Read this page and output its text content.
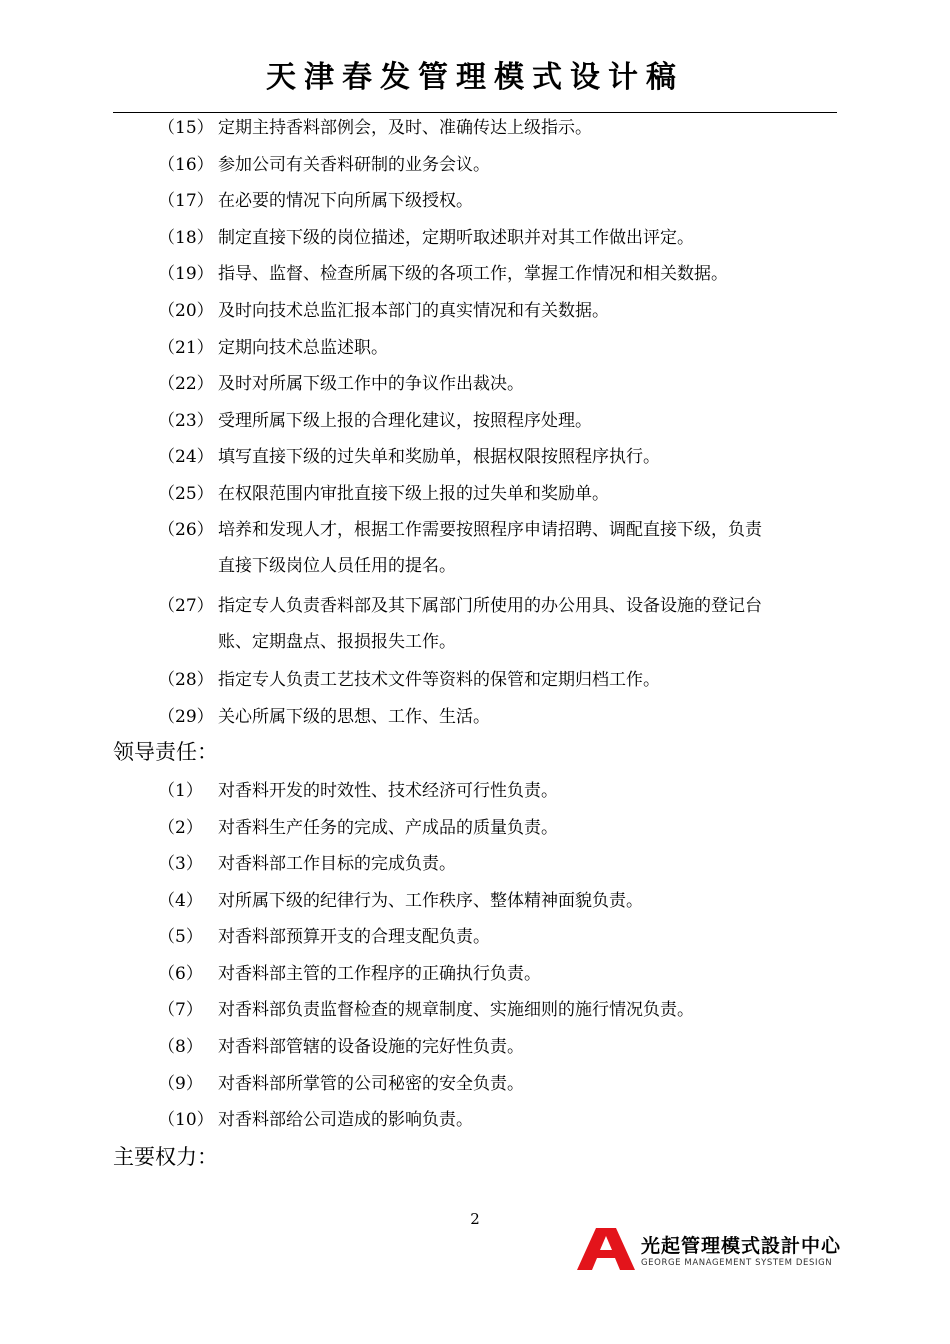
天津春发管理模式设计稿
（15） 定期主持香料部例会，及时、准确传达上级指示。
（16） 参加公司有关香料研制的业务会议。
（17） 在必要的情况下向所属下级授权。
（18） 制定直接下级的岗位描述，定期听取述职并对其工作做出评定。
（19） 指导、监督、检查所属下级的各项工作，掌握工作情况和相关数据。
（20） 及时向技术总监汇报本部门的真实情况和有关数据。
（21） 定期向技术总监述职。
（22） 及时对所属下级工作中的争议作出裁决。
（23） 受理所属下级上报的合理化建议，按照程序处理。
（24） 填写直接下级的过失单和奖励单，根据权限按照程序执行。
（25） 在权限范围内审批直接下级上报的过失单和奖励单。
（26） 培养和发现人才，根据工作需要按照程序申请招聘、调配直接下级，负责
直接下级岗位人员任用的提名。
（27） 指定专人负责香料部及其下属部门所使用的办公用具、设备设施的登记台
账、定期盘点、报损报失工作。
（28） 指定专人负责工艺技术文件等资料的保管和定期归档工作。
（29） 关心所属下级的思想、工作、生活。
领导责任：
（1） 对香料开发的时效性、技术经济可行性负责。
（2） 对香料生产任务的完成、产成品的质量负责。
（3） 对香料部工作目标的完成负责。
（4） 对所属下级的纪律行为、工作秩序、整体精神面貌负责。
（5） 对香料部预算开支的合理支配负责。
（6） 对香料部主管的工作程序的正确执行负责。
（7） 对香料部负责监督检查的规章制度、实施细则的施行情况负责。
（8） 对香料部管辖的设备设施的完好性负责。
（9） 对香料部所掌管的公司秘密的安全负责。
（10） 对香料部给公司造成的影响负责。
主要权力：
2
光起管理模式設計中心
GEORGE MANAGEMENT SYSTEM DESIGN
